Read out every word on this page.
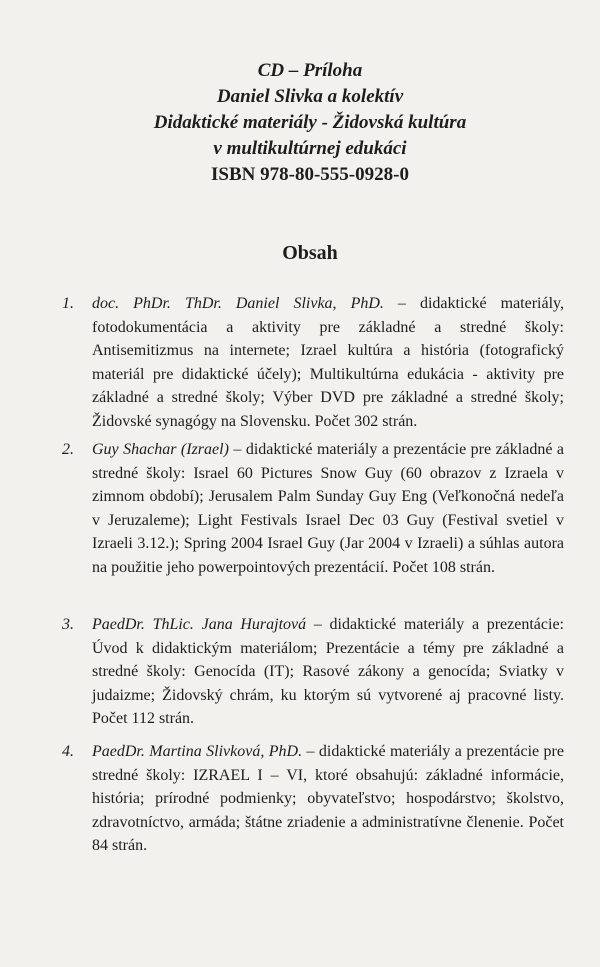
CD – Príloha
Daniel Slivka a kolektív
Didaktické materiály - Židovská kultúra
v multikultúrnej edukáci
ISBN 978-80-555-0928-0
Obsah
1. doc. PhDr. ThDr. Daniel Slivka, PhD. – didaktické materiály, fotodokumentácia a aktivity pre základné a stredné školy: Antisemitizmus na internete; Izrael kultúra a história (fotografický materiál pre didaktické účely); Multikultúrna edukácia - aktivity pre základné a stredné školy; Výber DVD pre základné a stredné školy; Židovské synagógy na Slovensku. Počet 302 strán.
2. Guy Shachar (Izrael) – didaktické materiály a prezentácie pre základné a stredné školy: Israel 60 Pictures Snow Guy (60 obrazov z Izraela v zimnom období); Jerusalem Palm Sunday Guy Eng (Veľkonočná nedeľa v Jeruzaleme); Light Festivals Israel Dec 03 Guy (Festival svetiel v Izraeli 3.12.); Spring 2004 Israel Guy (Jar 2004 v Izraeli) a súhlas autora na použitie jeho powerpointových prezentácií. Počet 108 strán.
3. PaedDr. ThLic. Jana Hurajtová – didaktické materiály a prezentácie: Úvod k didaktickým materiálom; Prezentácie a témy pre základné a stredné školy: Genocída (IT); Rasové zákony a genocída; Sviatky v judaizme; Židovský chrám, ku ktorým sú vytvorené aj pracovné listy. Počet 112 strán.
4. PaedDr. Martina Slivková, PhD. – didaktické materiály a prezentácie pre stredné školy: IZRAEL I – VI, ktoré obsahujú: základné informácie, história; prírodné podmienky; obyvateľstvo; hospodárstvo; školstvo, zdravotníctvo, armáda; štátne zriadenie a administratívne členenie. Počet 84 strán.
